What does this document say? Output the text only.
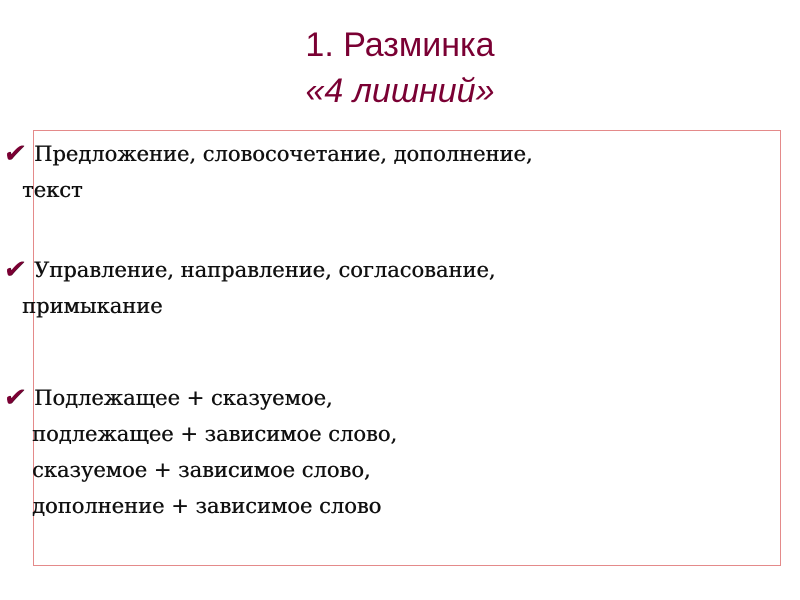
1. Разминка
«4 лишний»
✔ Предложение, словосочетание, дополнение,
текст
✔ Управление, направление, согласование,
примыкание
✔ Подлежащее + сказуемое,
подлежащее + зависимое слово,
сказуемое + зависимое слово,
дополнение + зависимое слово
